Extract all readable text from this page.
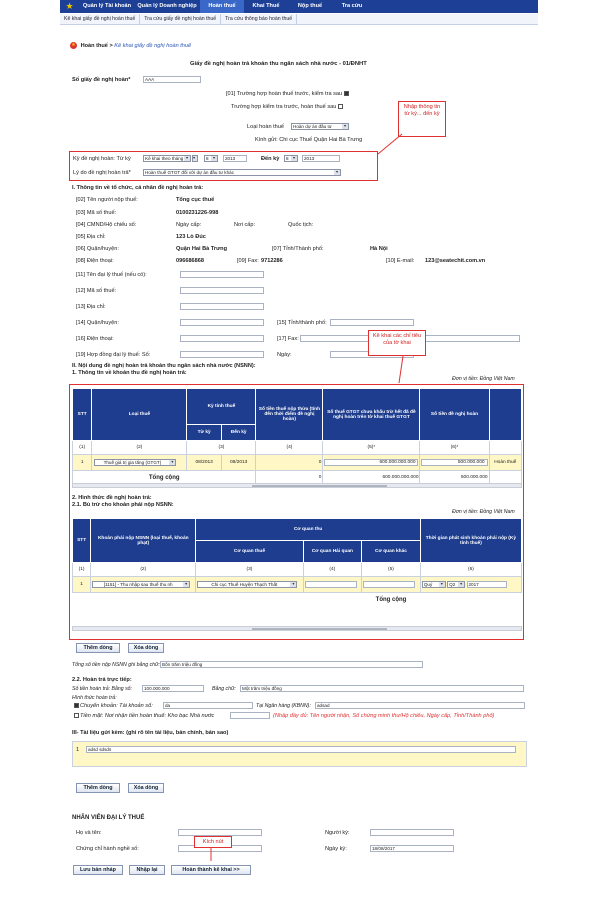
Quản lý Tài khoản	Quản lý Doanh nghiệp	Hoàn thuế	Khai Thuế	Nộp thuế	Tra cứu
★
Kê khai giấy đề nghị hoàn thuế	Tra cứu giấy đề nghị hoàn thuế	Tra cứu thông báo hoàn thuế
★ Hoàn thuế > Kê khai giấy đề nghị hoàn thuế
Giấy đề nghị hoàn trả khoản thu ngân sách nhà nước - 01/ĐNHT
Số giấy đề nghị hoàn*	AAA
[01] Trường hợp hoàn thuế trước, kiểm tra sau
Trường hợp kiểm tra trước, hoàn thuế sau
Loại hoàn thuế	Hoàn dự án đầu tư ▼
Kính gửi: Chi cục Thuế Quận Hai Bà Trưng
Kỳ đề nghị hoàn: Từ kỳ	Kê khai theo tháng ▼ ▼	8 ▼	2013	Đến kỳ	8 ▼	2013
Lý do đề nghị hoàn trả*	Hoàn thuế GTGT đối với dự án đầu tư khác ▼
Nhập thông tin từ kỳ... đến kỳ
I. Thông tin về tổ chức, cá nhân đề nghị hoàn trả:
[02] Tên người nộp thuế:	Tổng cục thuế
[03] Mã số thuế:	0100231226-998
[04] CMND/Hộ chiếu số:	Ngày cấp:	Nơi cấp:	Quốc tịch:
[05] Địa chỉ:	123 Lò Đúc
[06] Quận/huyện:	Quận Hai Bà Trưng	[07] Tỉnh/Thành phố:	Hà Nội
[08] Điện thoại:	096686868	[09] Fax: 9712286	[10] E-mail: 123@seatechit.com.vn
[11] Tên đại lý thuế (nếu có):
[12] Mã số thuế:
[13] Địa chỉ:
[14] Quận/huyện:	[15] Tỉnh/thành phố:
[16] Điện thoại:	[17] Fax:
[19] Hợp đồng đại lý thuế: Số:	Ngày:
II. Nội dung đề nghị hoàn trả khoản thu ngân sách nhà nước (NSNN):
1. Thông tin về khoản thu đề nghị hoàn trả:
Đơn vị tiền: Đồng Việt Nam
Kê khai các chỉ tiêu của tờ khai
STT	Loại thuế	Kỳ tính thuế		Số tiền thuế nộp thừa (tính đến thời điểm đề nghị hoàn)	Số thuế GTGT chưa khấu trừ hết đã đề nghị hoàn trên tờ khai thuế GTGT	Số tiền đề nghị hoàn	
		Từ kỳ	Đến kỳ				
(1)	(2)	(3)		(4)	(5)*	(6)*	
1	Thuế giá trị gia tăng (GTGT) ▼	08/2013	08/2013	0	600.000.000.000	500.000.000	Hoàn thuế
Tổng cộng				0	600.000.000.000	500.000.000	
2. Hình thức đề nghị hoàn trả:
2.1. Bù trừ cho khoản phải nộp NSNN:
Đơn vị tiền: Đồng Việt Nam
STT	Khoản phải nộp NSNN (loại thuế, khoản phạt)	Cơ quan thu			Thời gian phát sinh khoản phải nộp (Kỳ tính thuế)
		Cơ quan thuế	Cơ quan Hải quan	Cơ quan khác	
(1)	(2)	(3)	(4)	(5)	(6)
1	[1151] - Thu nhập sau thuế thu nh ▼	Chi cục Thuế Huyện Thạch Thất ▼			Quý ▼ Q2 ▼ 2017
				Tổng cộng	
Thêm dòng	Xóa dòng
Tổng số tiền nộp NSNN ghi bằng chữ: Bốn trăm triệu đồng
2.2. Hoàn trả trực tiếp:
Số tiền hoàn trả: Bằng số:	100.000.000	Bằng chữ:	Một trăm triệu đồng
Hình thức hoàn trả:
Chuyển khoản: Tài khoản số:	da	Tại Ngân hàng (KBNN):	adsad
Tiền mặt: Nơi nhận tiền hoàn thuế: Kho bạc Nhà nước	(Nhập đầy đủ: Tên người nhận, Số chứng minh thư/Hộ chiếu, Ngày cấp, Tỉnh/Thành phố)
III- Tài liệu gửi kèm: (ghi rõ tên tài liệu, bản chính, bản sao)
1	adsd sdsds
Thêm dòng	Xóa dòng
NHÂN VIÊN ĐẠI LÝ THUẾ
Họ và tên:	Người ký:
Chứng chỉ hành nghề số:	Ngày ký:	18/08/2017
Kích nút
Lưu bản nháp	Nhập lại	Hoàn thành kê khai >>
